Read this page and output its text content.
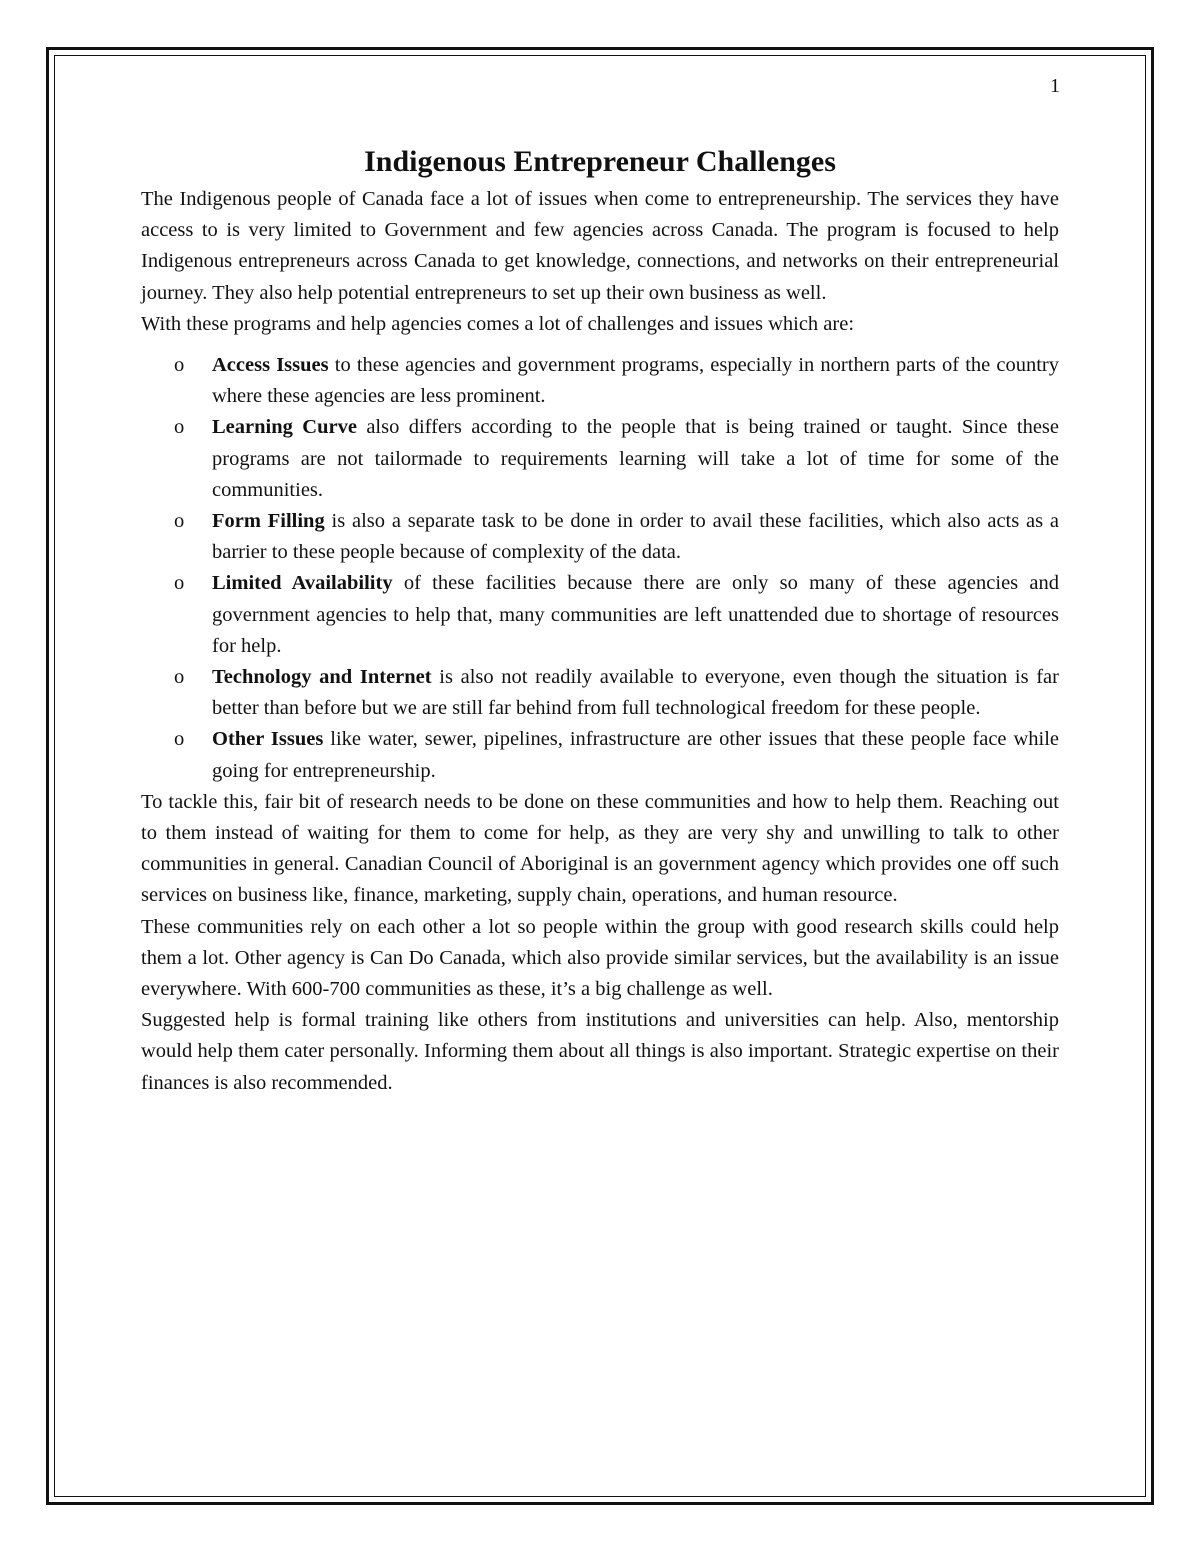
1
Indigenous Entrepreneur Challenges

The Indigenous people of Canada face a lot of issues when come to entrepreneurship. The services they have access to is very limited to Government and few agencies across Canada. The program is focused to help Indigenous entrepreneurs across Canada to get knowledge, connections, and networks on their entrepreneurial journey. They also help potential entrepreneurs to set up their own business as well.

With these programs and help agencies comes a lot of challenges and issues which are:

o Access Issues to these agencies and government programs, especially in northern parts of the country where these agencies are less prominent.
o Learning Curve also differs according to the people that is being trained or taught. Since these programs are not tailormade to requirements learning will take a lot of time for some of the communities.
o Form Filling is also a separate task to be done in order to avail these facilities, which also acts as a barrier to these people because of complexity of the data.
o Limited Availability of these facilities because there are only so many of these agencies and government agencies to help that, many communities are left unattended due to shortage of resources for help.
o Technology and Internet is also not readily available to everyone, even though the situation is far better than before but we are still far behind from full technological freedom for these people.
o Other Issues like water, sewer, pipelines, infrastructure are other issues that these people face while going for entrepreneurship.

To tackle this, fair bit of research needs to be done on these communities and how to help them. Reaching out to them instead of waiting for them to come for help, as they are very shy and unwilling to talk to other communities in general. Canadian Council of Aboriginal is an government agency which provides one off such services on business like, finance, marketing, supply chain, operations, and human resource.

These communities rely on each other a lot so people within the group with good research skills could help them a lot. Other agency is Can Do Canada, which also provide similar services, but the availability is an issue everywhere. With 600-700 communities as these, it’s a big challenge as well.

Suggested help is formal training like others from institutions and universities can help. Also, mentorship would help them cater personally. Informing them about all things is also important. Strategic expertise on their finances is also recommended.
